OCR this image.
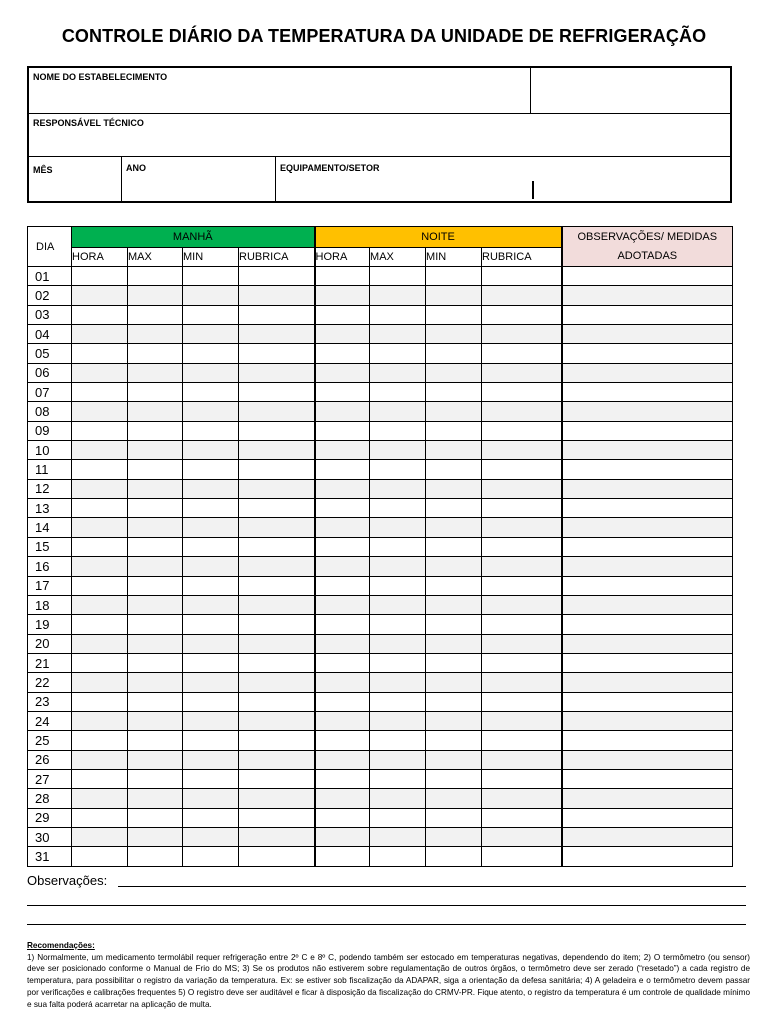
CONTROLE DIÁRIO DA TEMPERATURA DA UNIDADE DE REFRIGERAÇÃO
NOME DO ESTABELECIMENTO
RESPONSÁVEL TÉCNICO
MÊS	ANO	EQUIPAMENTO/SETOR
DIA	MANHÃ				NOITE				OBSERVAÇÕES/ MEDIDAS
ADOTADAS

	HORA	MAX	MIN	RUBRICA	HORA	MAX	MIN	RUBRICA	
01									
02									
03									
04									
05									
06									
07									
08									
09									
10									
11									
12									
13									
14									
15									
16									
17									
18									
19									
20									
21									
22									
23									
24									
25									
26									
27									
28									
29									
30									
31									
Observações:
Recomendações:
1) Normalmente, um medicamento termolábil requer refrigeração entre 2º C e 8º C, podendo também ser estocado em temperaturas negativas, dependendo do item; 2) O termômetro (ou sensor) deve ser posicionado conforme o Manual de Frio do MS; 3) Se os produtos não estiverem sobre regulamentação de outros órgãos, o termômetro deve ser zerado (“resetado”) a cada registro de temperatura, para possibilitar o registro da variação da temperatura. Ex: se estiver sob fiscalização da ADAPAR, siga a orientação da defesa sanitária; 4) A geladeira e o termômetro devem passar por verificações e calibrações frequentes 5) O registro deve ser auditável e ficar à disposição da fiscalização do CRMV-PR. Fique atento, o registro da temperatura é um controle de qualidade mínimo e sua falta poderá acarretar na aplicação de multa.
